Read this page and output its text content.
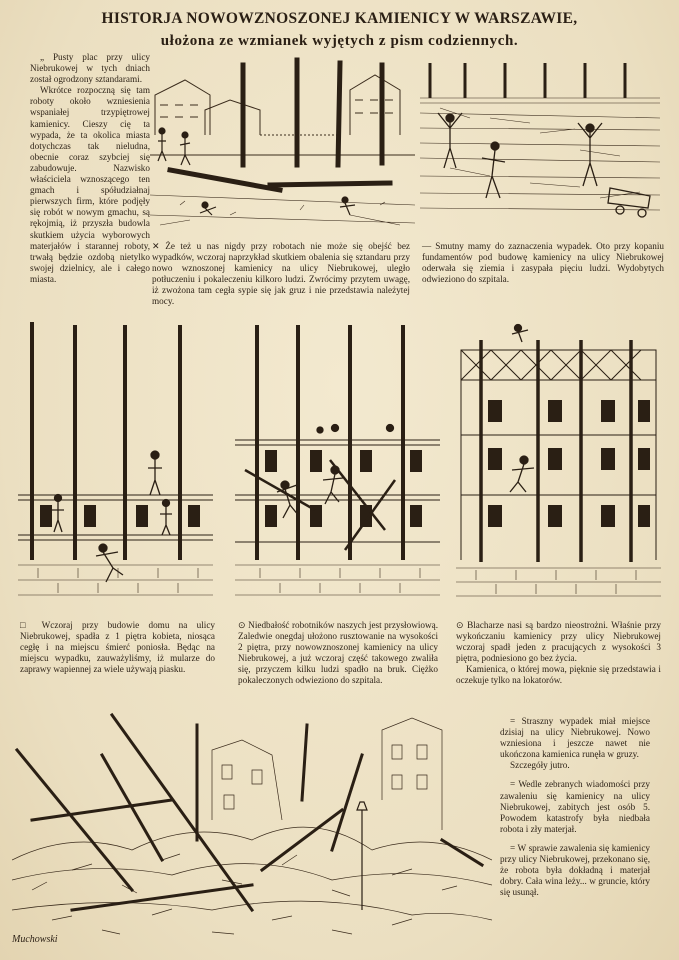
HISTORJA NOWOWZNOSZONEJ KAMIENICY W WARSZAWIE,
ułożona ze wzmianek wyjętych z pism codziennych.

„ Pusty plac przy ulicy Niebrukowej w tych dniach został ogrodzony sztandarami.

Wkrótce rozpoczną się tam roboty około wzniesienia wspaniałej trzypiętrowej kamienicy. Cieszy cię ta wypada, że ta okolica miasta dotychczas tak nieludna, obecnie coraz szybciej się zabudowuje. Nazwisko właściciela wznoszącego ten gmach i spółudziałnaj pierwszych firm, które podjęły się robót w nowym gmachu, są rękojmią, iż przyszła budowla skutkiem użycia wyborowych materjałów i starannej roboty, trwałą będzie ozdobą nietylko swojej dzielnicy, ale i całego miasta.

✕ Że też u nas nigdy przy robotach nie może się obejść bez wypadków, wczoraj naprzykład skutkiem obalenia się sztandaru przy nowo wznoszonej kamienicy na ulicy Niebrukowej, uległo potłuczeniu i pokaleczeniu kilkoro ludzi. Zwrócimy przytem uwagę, iż zwożona tam cegła sypie się jak gruz i nie przedstawia należytej mocy.
— Smutny mamy do zaznaczenia wypadek. Oto przy kopaniu fundamentów pod budowę kamienicy na ulicy Niebrukowej oderwała się ziemia i zasypała pięciu ludzi. Wydobytych odwieziono do szpitala.
□ Wczoraj przy budowie domu na ulicy Niebrukowej, spadła z 1 piętra kobieta, niosąca cegłę i na miejscu śmierć poniosła. Będąc na miejscu wypadku, zauważyliśmy, iż mularze do zaprawy wapiennej za wiele używają piasku.
⊙ Niedbałość robotników naszych jest przysłowiową. Zaledwie onegdaj ułożono rusztowanie na wysokości 2 piętra, przy nowowznoszonej kamienicy na ulicy Niebrukowej, a już wczoraj część takowego zwaliła się, przyczem kilku ludzi spadło na bruk. Ciężko pokaleczonych odwieziono do szpitala.

⊙ Blacharze nasi są bardzo nieostrożni. Właśnie przy wykończaniu kamienicy przy ulicy Niebrukowej wczoraj spadł jeden z pracujących z wysokości 3 piętra, podniesiono go bez życia.

Kamienica, o której mowa, pięknie się przedstawia i oczekuje tylko na lokatorów.

Muchowski

= Straszny wypadek miał miejsce dzisiaj na ulicy Niebrukowej. Nowo wzniesiona i jeszcze nawet nie ukończona kamienica runęła w gruzy.

Szczegóły jutro.

= Wedle zebranych wiadomości przy zawaleniu się kamienicy na ulicy Niebrukowej, zabitych jest osób 5. Powodem katastrofy była niedbała robota i zły materjał.

= W sprawie zawalenia się kamienicy przy ulicy Niebrukowej, przekonano się, że robota była dokładną i materjał dobry. Cała wina leży... w gruncie, który się usunął.
